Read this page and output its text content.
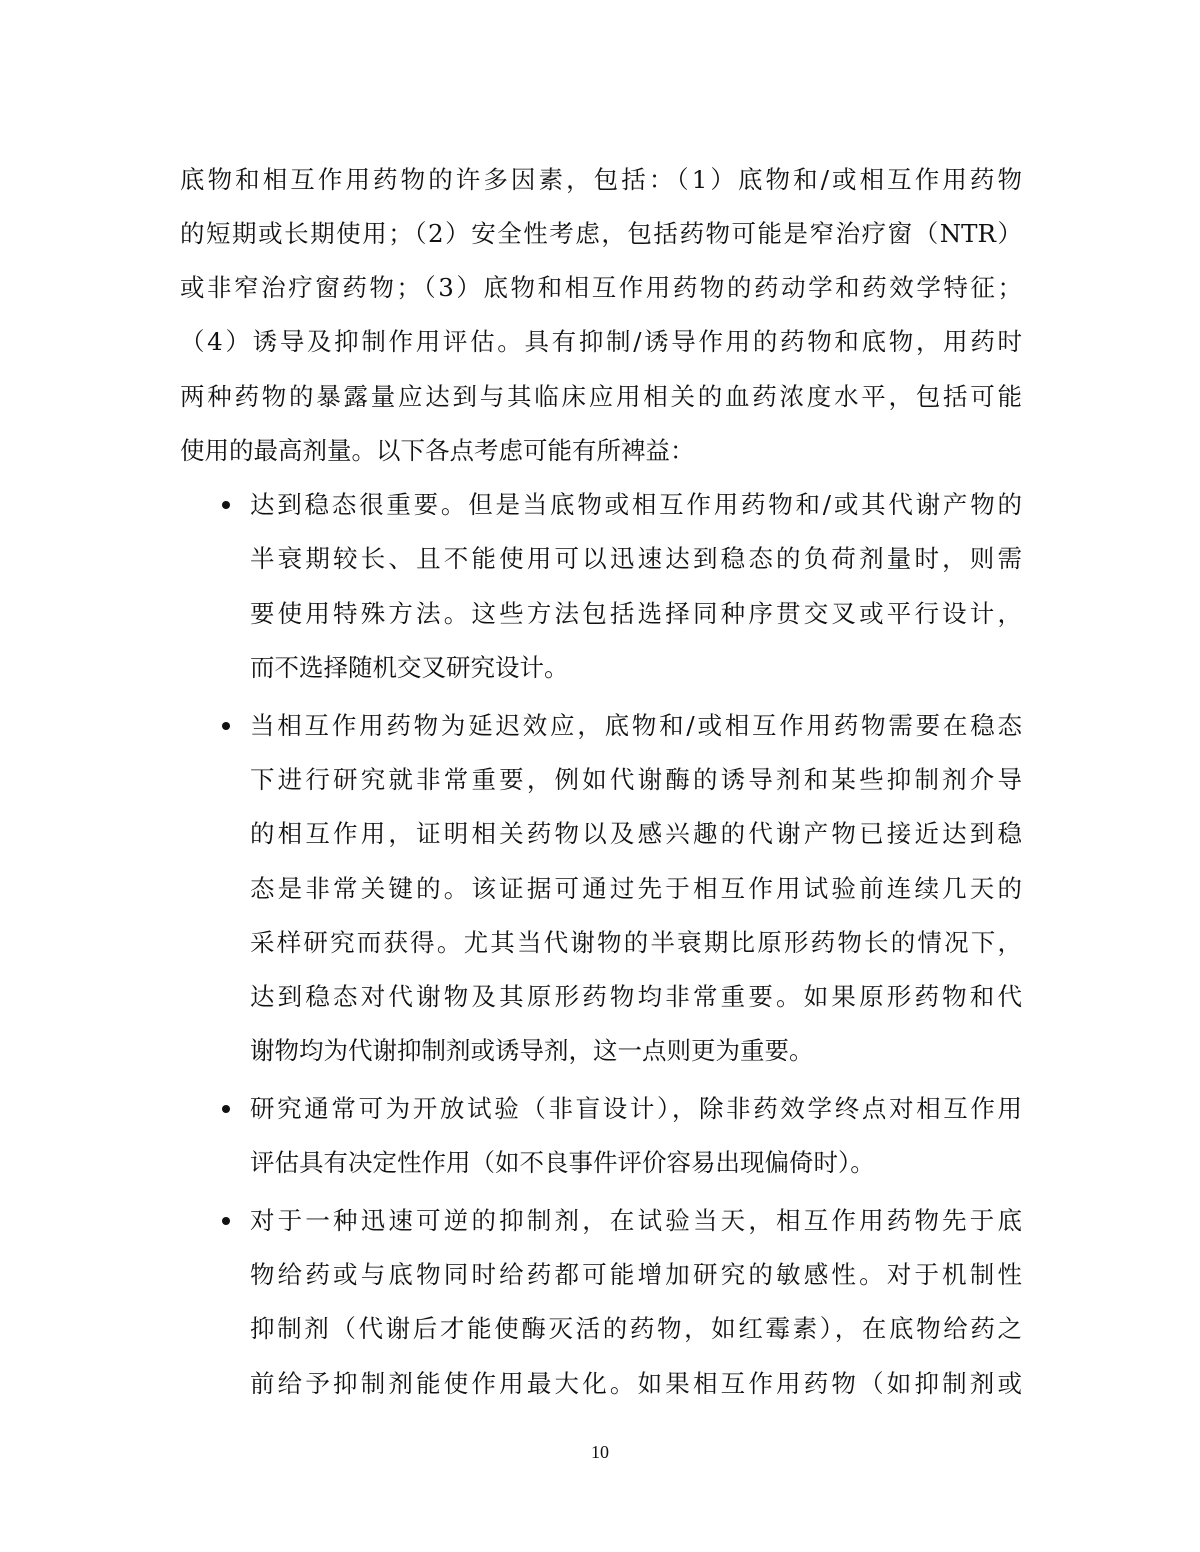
底物和相互作用药物的许多因素，包括：（1）底物和/或相互作用药物
的短期或长期使用；（2）安全性考虑，包括药物可能是窄治疗窗（NTR）
或非窄治疗窗药物；（3）底物和相互作用药物的药动学和药效学特征；
（4）诱导及抑制作用评估。具有抑制/诱导作用的药物和底物，用药时
两种药物的暴露量应达到与其临床应用相关的血药浓度水平，包括可能
使用的最高剂量。以下各点考虑可能有所裨益：
达到稳态很重要。但是当底物或相互作用药物和/或其代谢产物的
半衰期较长、且不能使用可以迅速达到稳态的负荷剂量时，则需
要使用特殊方法。这些方法包括选择同种序贯交叉或平行设计，
而不选择随机交叉研究设计。
当相互作用药物为延迟效应，底物和/或相互作用药物需要在稳态
下进行研究就非常重要，例如代谢酶的诱导剂和某些抑制剂介导
的相互作用，证明相关药物以及感兴趣的代谢产物已接近达到稳
态是非常关键的。该证据可通过先于相互作用试验前连续几天的
采样研究而获得。尤其当代谢物的半衰期比原形药物长的情况下，
达到稳态对代谢物及其原形药物均非常重要。如果原形药物和代
谢物均为代谢抑制剂或诱导剂，这一点则更为重要。
研究通常可为开放试验（非盲设计），除非药效学终点对相互作用
评估具有决定性作用（如不良事件评价容易出现偏倚时）。
对于一种迅速可逆的抑制剂，在试验当天，相互作用药物先于底
物给药或与底物同时给药都可能增加研究的敏感性。对于机制性
抑制剂（代谢后才能使酶灭活的药物，如红霉素），在底物给药之
前给予抑制剂能使作用最大化。如果相互作用药物（如抑制剂或
10
